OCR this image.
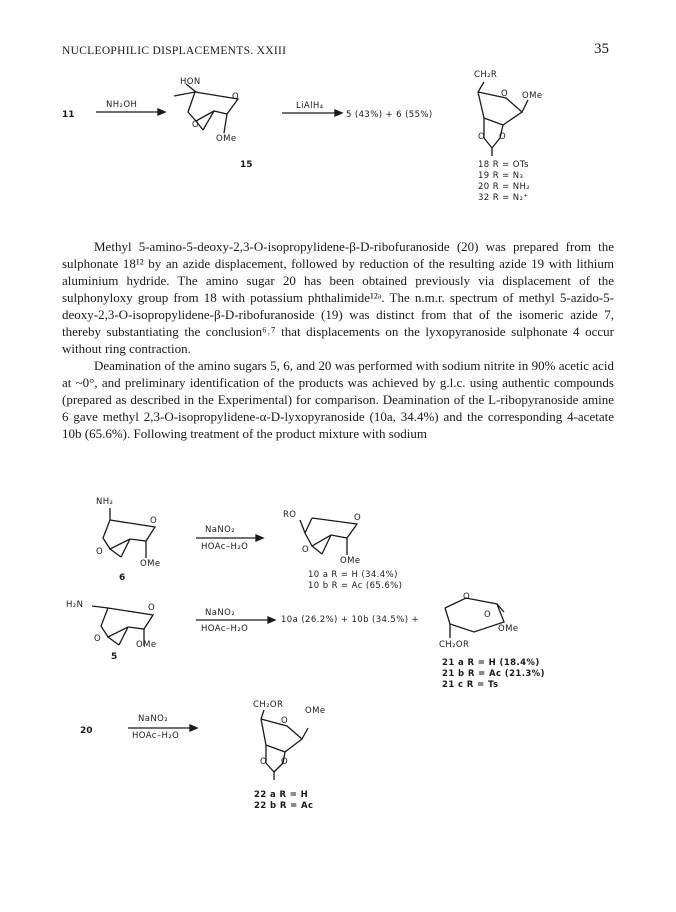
NUCLEOPHILIC DISPLACEMENTS. XXIII	35
11
NH₂OH
HON
O
O
OMe
15
LiAlH₄
5 (43%) + 6 (55%)
CH₂R
O OMe
O O
18 R = OTs
19 R = N₃
20 R = NH₂
32 R = N₂⁺

Methyl 5-amino-5-deoxy-2,3-O-isopropylidene-β-D-ribofuranoside (20) was prepared from the sulphonate 18¹² by an azide displacement, followed by reduction of the resulting azide 19 with lithium aluminium hydride. The amino sugar 20 has been obtained previously via displacement of the sulphonyloxy group from 18 with potassium phthalimide¹²ᵃ. The n.m.r. spectrum of methyl 5-azido-5-deoxy-2,3-O-isopropylidene-β-D-ribofuranoside (19) was distinct from that of the isomeric azide 7, thereby substantiating the conclusion⁶˒⁷ that displacements on the lyxopyranoside sulphonate 4 occur without ring contraction.

Deamination of the amino sugars 5, 6, and 20 was performed with sodium nitrite in 90% acetic acid at ~0°, and preliminary identification of the products was achieved by g.l.c. using authentic compounds (prepared as described in the Experimental) for comparison. Deamination of the L-ribopyranoside amine 6 gave methyl 2,3-O-isopropylidene-α-D-lyxopyranoside (10a, 34.4%) and the corresponding 4-acetate 10b (65.6%). Following treatment of the product mixture with sodium

NH₂
O
O
OMe
6
NaNO₂
HOAc–H₂O
RO	O
O
OMe
10 a R = H (34.4%)
10 b R = Ac (65.6%)
H₂N	O
O
OMe
5
NaNO₂
HOAc–H₂O
10a (26.2%) + 10b (34.5%) +
O
O
OMe
CH₂OR
21 a R = H (18.4%)
21 b R = Ac (21.3%)
21 c R = Ts
20
NaNO₂
HOAc–H₂O
CH₂OR
O
OMe
O O
22 a R = H
22 b R = Ac
